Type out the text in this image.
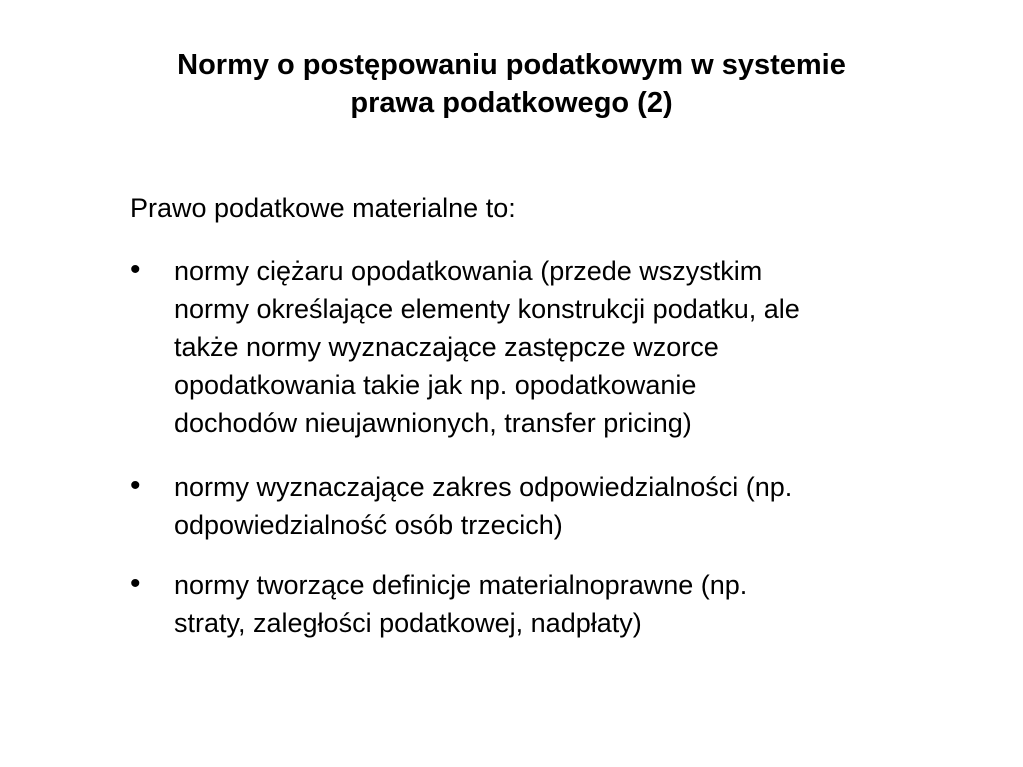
Normy o postępowaniu podatkowym w systemie
prawa podatkowego (2)
Prawo podatkowe materialne to:
• normy ciężaru opodatkowania (przede wszystkim
normy określające elementy konstrukcji podatku, ale
także normy wyznaczające zastępcze wzorce
opodatkowania takie jak np. opodatkowanie
dochodów nieujawnionych, transfer pricing)
• normy wyznaczające zakres odpowiedzialności (np.
odpowiedzialność osób trzecich)
• normy tworzące definicje materialnoprawne (np.
straty, zaległości podatkowej, nadpłaty)
